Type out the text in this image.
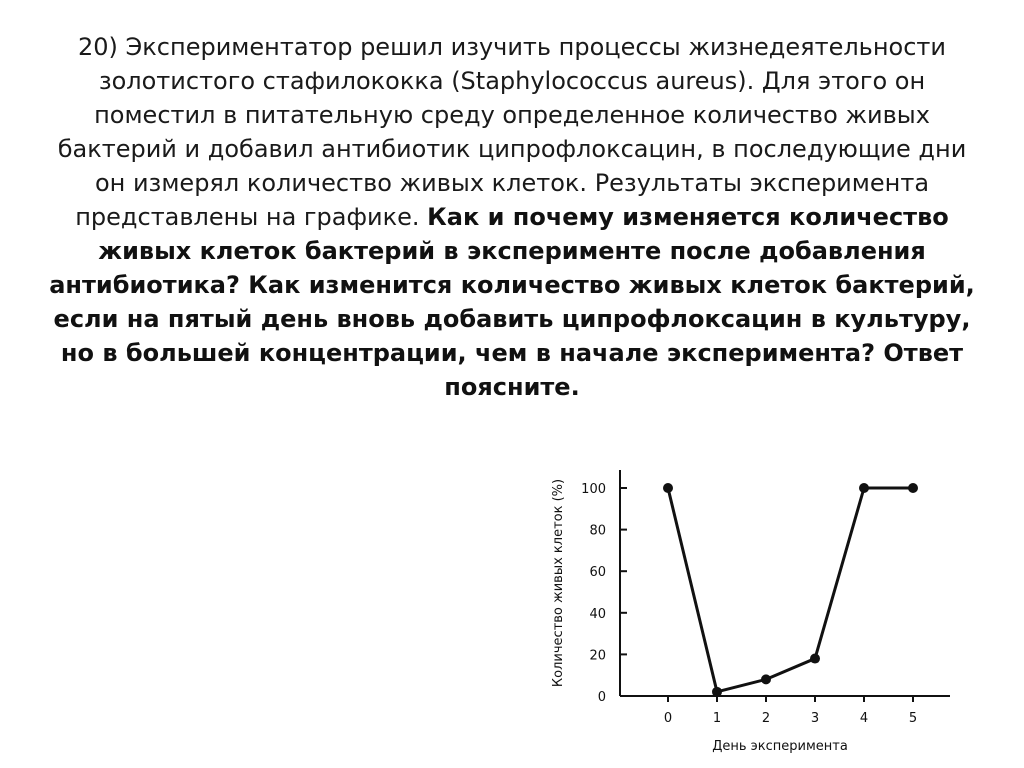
20) Экспериментатор решил изучить процессы жизнедеятельности золотистого стафилококка (Staphylococcus aureus). Для этого он поместил в питательную среду определенное количество живых бактерий и добавил антибиотик ципрофлоксацин, в последующие дни он измерял количество живых клеток. Результаты эксперимента представлены на графике. Как и почему изменяется количество живых клеток бактерий в эксперименте после добавления антибиотика? Как изменится количество живых клеток бактерий, если на пятый день вновь добавить ципрофлоксацин в культуру, но в большей концентрации, чем в начале эксперимента? Ответ поясните.

0
20
40
60
80
100
0	1	2	3	4	5
Количество живых клеток (%)
День эксперимента
